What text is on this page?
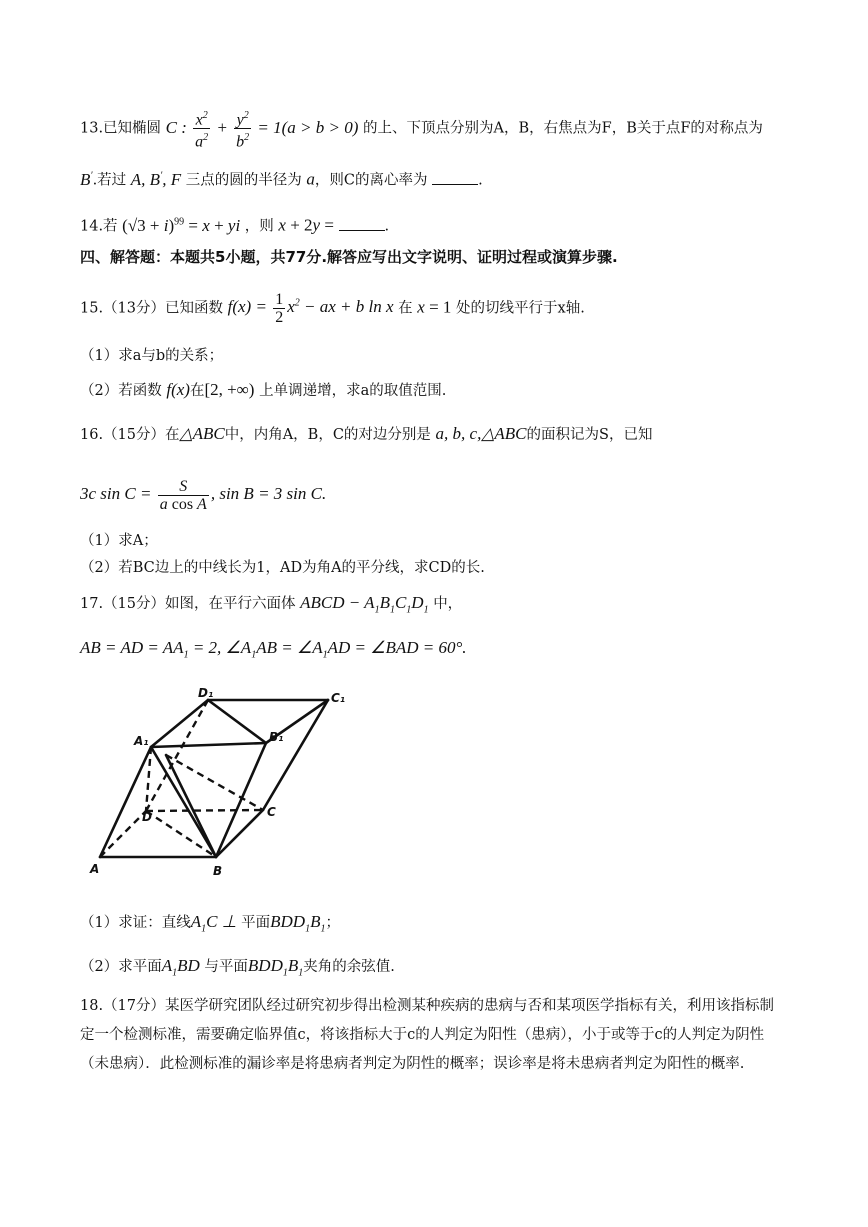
13.已知椭圆 C : $\frac{x^2}{a^2} + \frac{y^2}{b^2} = 1(a > b > 0)$ 的上、下顶点分别为A，B，右焦点为F，B关于点F的对称点为
B′.若过 A, B′, F 三点的圆的半径为 a，则C的离心率为	.
14.若 $(√3 + i)^{99} = x$ + yi ，则 x + 2y =	.
四、解答题：本题共5小题，共77分.解答应写出文字说明、证明过程或演算步骤.
15.（13分）已知函数 $f(x) = \frac{1}{2} x^2$ − ax + b ln x 在 x = 1 处的切线平行于x轴.
（1）求a与b的关系；
（2）若函数 f(x)在[2, +∞) 上单调递增，求a的取值范围.
16.（15分）在△ABC中，内角A，B，C的对边分别是 a, b, c,△ABC的面积记为S，已知
3c $\sin C = \frac{S}{\text{a cos A}}$ , sin B = 3 sin C.
（1）求A；
（2）若BC边上的中线长为1，AD为角A的平分线，求CD的长.
17.（15分）如图，在平行六面体 ABCD − $A_1B_1C_1D_1$ 中，
AB = AD = $AA_1 = 2$, $\angle A_1AB$ = $\angle A_1AD$ = ∠BAD = 60°.
D₁	C₁
A₁	B₁
C
D
A	B
（1）求证：直线$A_1C$ ⊥ 平面$BDD_1B_1$；
（2）求平面$A_1BD$ 与平面$BDD_1B_1$夹角的余弦值.
18.（17分）某医学研究团队经过研究初步得出检测某种疾病的患病与否和某项医学指标有关，利用该指标制定一个检测标准，需要确定临界值c，将该指标大于c的人判定为阳性（患病），小于或等于c的人判定为阴性（未患病）．此检测标准的漏诊率是将患病者判定为阴性的概率；误诊率是将未患病者判定为阳性的概率.
